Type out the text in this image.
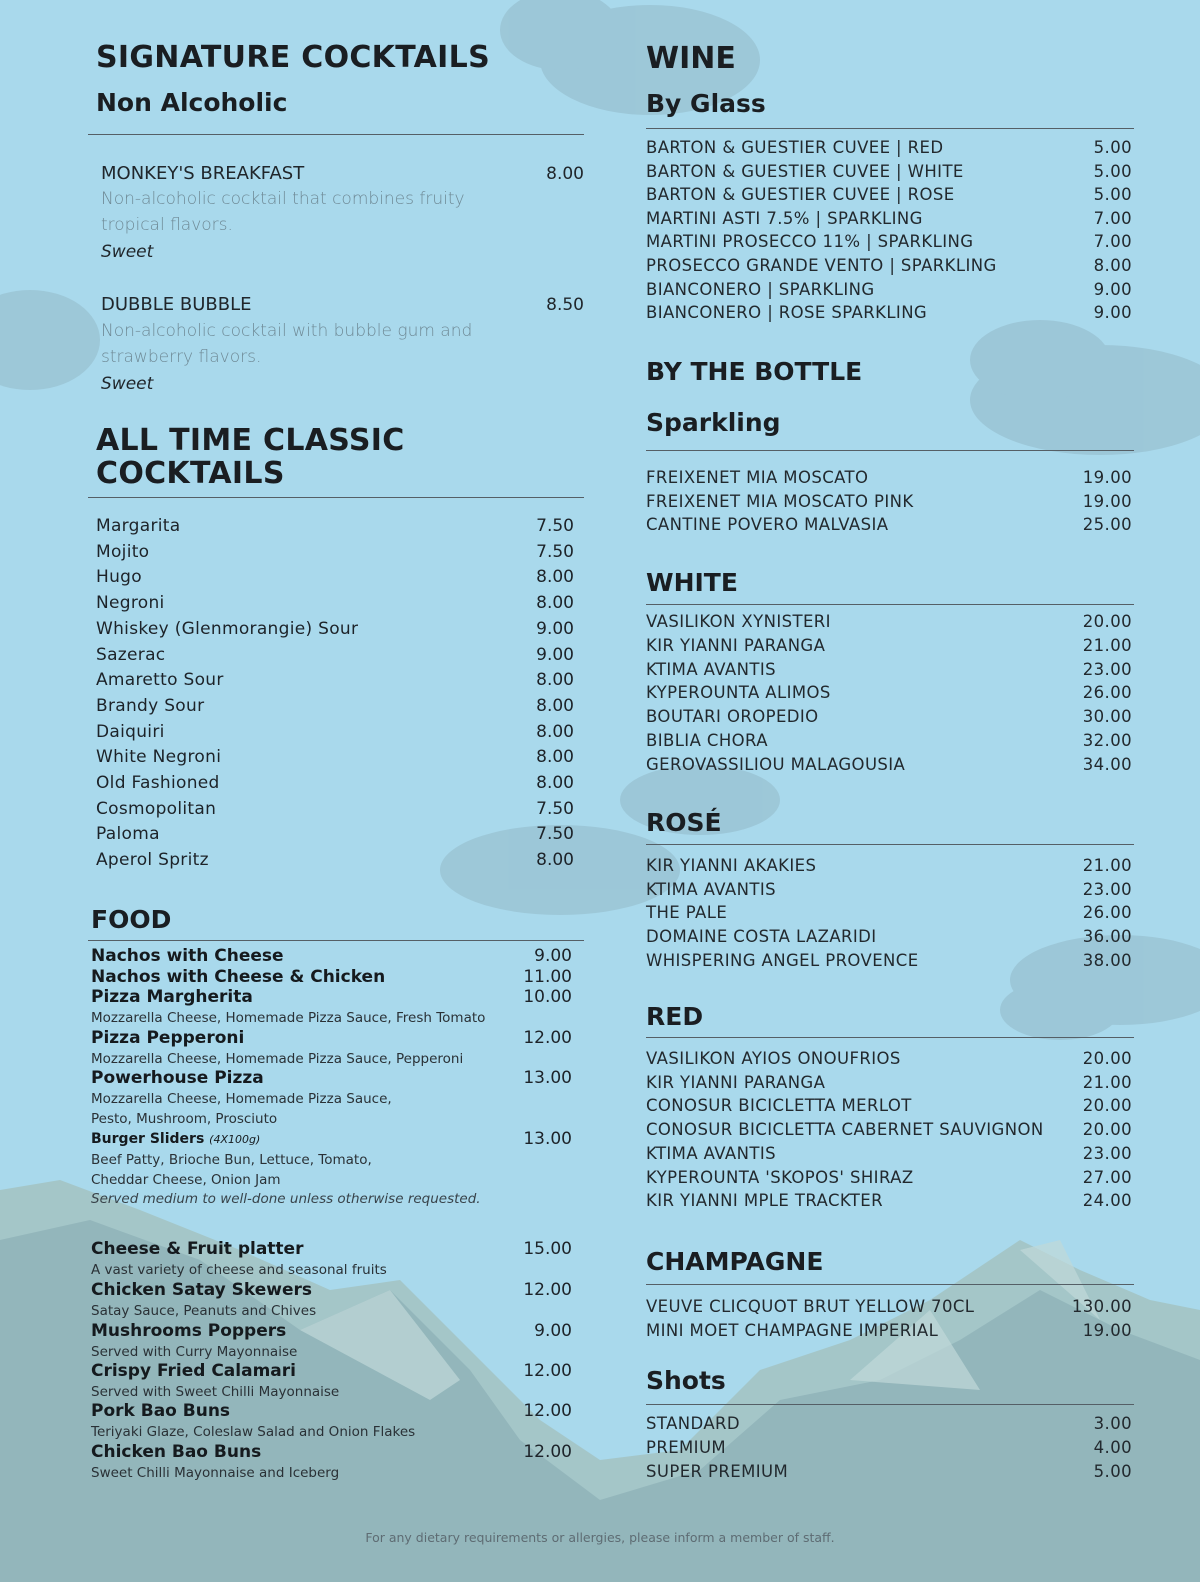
SIGNATURE COCKTAILS
Non Alcoholic
MONKEY'S BREAKFAST	8.00
Non-alcoholic cocktail that combines fruity tropical flavors.
Sweet
DUBBLE BUBBLE	8.50
Non-alcoholic cocktail with bubble gum and strawberry flavors.
Sweet
ALL TIME CLASSIC
COCKTAILS
Margarita	7.50
Mojito	7.50
Hugo	8.00
Negroni	8.00
Whiskey (Glenmorangie) Sour	9.00
Sazerac	9.00
Amaretto Sour	8.00
Brandy Sour	8.00
Daiquiri	8.00
White Negroni	8.00
Old Fashioned	8.00
Cosmopolitan	7.50
Paloma	7.50
Aperol Spritz	8.00
FOOD
Nachos with Cheese	9.00
Nachos with Cheese & Chicken	11.00
Pizza Margherita	10.00
Mozzarella Cheese, Homemade Pizza Sauce, Fresh Tomato
Pizza Pepperoni	12.00
Mozzarella Cheese, Homemade Pizza Sauce, Pepperoni
Powerhouse Pizza	13.00
Mozzarella Cheese, Homemade Pizza Sauce,
Pesto, Mushroom, Prosciuto
Burger Sliders (4X100g)	13.00
Beef Patty, Brioche Bun, Lettuce, Tomato,
Cheddar Cheese, Onion Jam
Served medium to well-done unless otherwise requested.
Cheese & Fruit platter	15.00
A vast variety of cheese and seasonal fruits
Chicken Satay Skewers	12.00
Satay Sauce, Peanuts and Chives
Mushrooms Poppers	9.00
Served with Curry Mayonnaise
Crispy Fried Calamari	12.00
Served with Sweet Chilli Mayonnaise
Pork Bao Buns	12.00
Teriyaki Glaze, Coleslaw Salad and Onion Flakes
Chicken Bao Buns	12.00
Sweet Chilli Mayonnaise and Iceberg
WINE
By Glass
BARTON & GUESTIER CUVEE | RED	5.00
BARTON & GUESTIER CUVEE | WHITE	5.00
BARTON & GUESTIER CUVEE | ROSE	5.00
MARTINI ASTI 7.5% | SPARKLING	7.00
MARTINI PROSECCO 11% | SPARKLING	7.00
PROSECCO GRANDE VENTO | SPARKLING	8.00
BIANCONERO | SPARKLING	9.00
BIANCONERO | ROSE SPARKLING	9.00
BY THE BOTTLE
Sparkling
FREIXENET MIA MOSCATO	19.00
FREIXENET MIA MOSCATO PINK	19.00
CANTINE POVERO MALVASIA	25.00
WHITE
VASILIKON XYNISTERI	20.00
KIR YIANNI PARANGA	21.00
KTIMA AVANTIS	23.00
KYPEROUNTA ALIMOS	26.00
BOUTARI OROPEDIO	30.00
BIBLIA CHORA	32.00
GEROVASSILIOU MALAGOUSIA	34.00
ROSÉ
KIR YIANNI AKAKIES	21.00
KTIMA AVANTIS	23.00
THE PALE	26.00
DOMAINE COSTA LAZARIDI	36.00
WHISPERING ANGEL PROVENCE	38.00
RED
VASILIKON AYIOS ONOUFRIOS	20.00
KIR YIANNI PARANGA	21.00
CONOSUR BICICLETTA MERLOT	20.00
CONOSUR BICICLETTA CABERNET SAUVIGNON 20.00
KTIMA AVANTIS	23.00
KYPEROUNTA 'SKOPOS' SHIRAZ	27.00
KIR YIANNI MPLE TRACKTER	24.00
CHAMPAGNE
VEUVE CLICQUOT BRUT YELLOW 70CL	130.00
MINI MOET CHAMPAGNE IMPERIAL	19.00
Shots
STANDARD	3.00
PREMIUM	4.00
SUPER PREMIUM	5.00
For any dietary requirements or allergies, please inform a member of staff.
